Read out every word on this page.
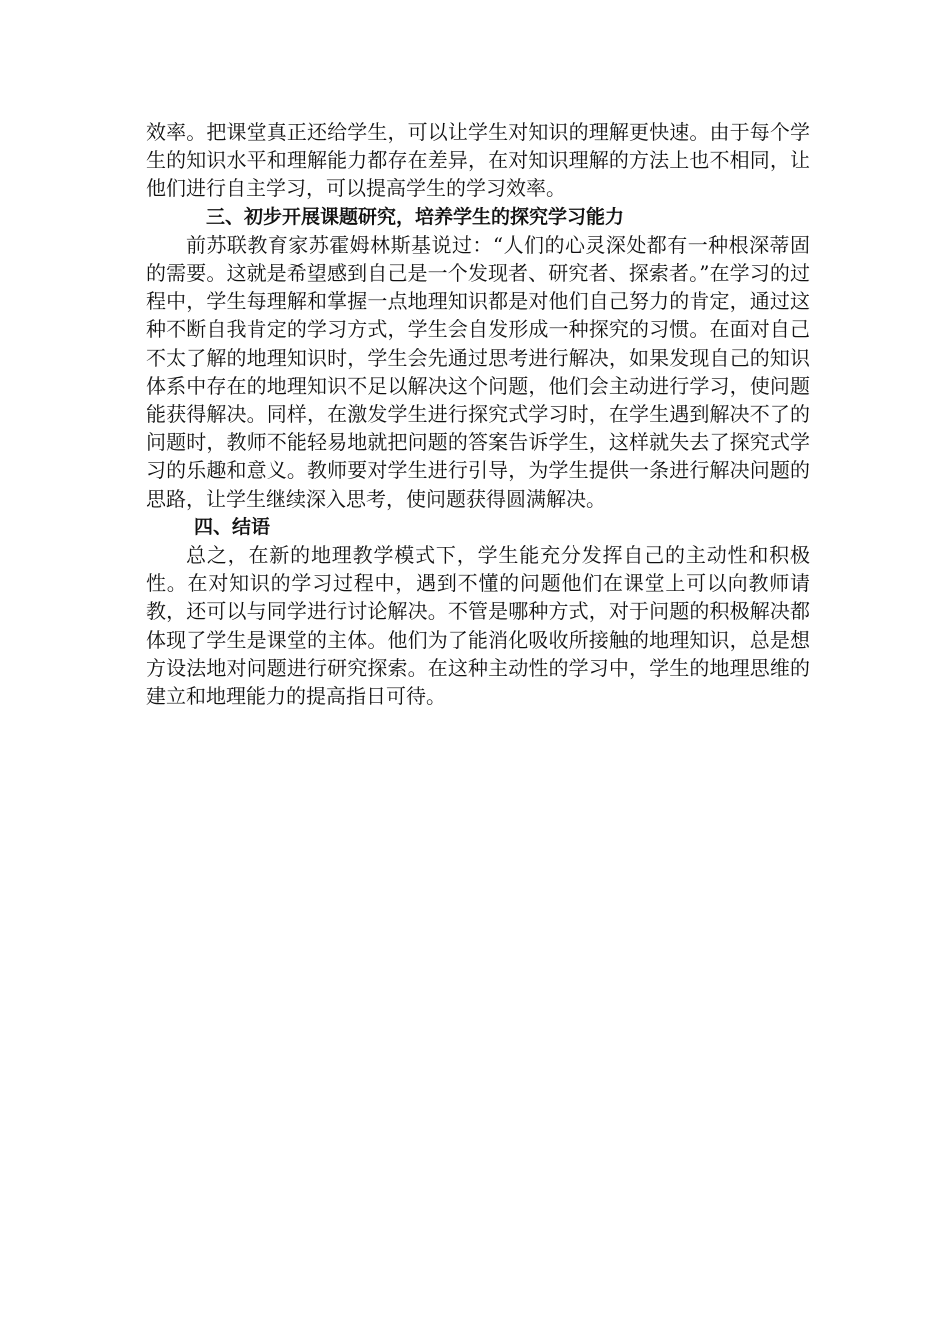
效率。把课堂真正还给学生，可以让学生对知识的理解更快速。由于每个学生的知识水平和理解能力都存在差异，在对知识理解的方法上也不相同，让他们进行自主学习，可以提高学生的学习效率。

三、初步开展课题研究，培养学生的探究学习能力

前苏联教育家苏霍姆林斯基说过：“人们的心灵深处都有一种根深蒂固的需要。这就是希望感到自己是一个发现者、研究者、探索者。”在学习的过程中，学生每理解和掌握一点地理知识都是对他们自己努力的肯定，通过这种不断自我肯定的学习方式，学生会自发形成一种探究的习惯。在面对自己不太了解的地理知识时，学生会先通过思考进行解决，如果发现自己的知识体系中存在的地理知识不足以解决这个问题，他们会主动进行学习，使问题能获得解决。同样，在激发学生进行探究式学习时，在学生遇到解决不了的问题时，教师不能轻易地就把问题的答案告诉学生，这样就失去了探究式学习的乐趣和意义。教师要对学生进行引导，为学生提供一条进行解决问题的思路，让学生继续深入思考，使问题获得圆满解决。

四、结语

总之，在新的地理教学模式下，学生能充分发挥自己的主动性和积极性。在对知识的学习过程中，遇到不懂的问题他们在课堂上可以向教师请教，还可以与同学进行讨论解决。不管是哪种方式，对于问题的积极解决都体现了学生是课堂的主体。他们为了能消化吸收所接触的地理知识，总是想方设法地对问题进行研究探索。在这种主动性的学习中，学生的地理思维的建立和地理能力的提高指日可待。
